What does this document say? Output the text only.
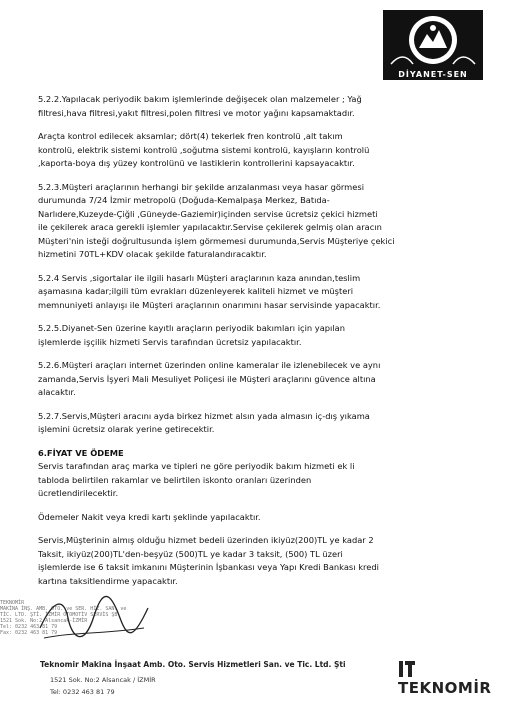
DİYANET-SEN
5.2.2.Yapılacak periyodik bakım işlemlerinde değişecek olan malzemeler ; Yağ
filtresi,hava filtresi,yakıt filtresi,polen filtresi ve motor yağını kapsamaktadır.
Araçta kontrol edilecek aksamlar; dört(4) tekerlek fren kontrolü ,alt takım
kontrolü, elektrik sistemi kontrolü ,soğutma sistemi kontrolü, kayışların kontrolü
,kaporta-boya dış yüzey kontrolünü ve lastiklerin kontrollerini kapsayacaktır.
5.2.3.Müşteri araçlarının herhangi bir şekilde arızalanması veya hasar görmesi
durumunda 7/24 İzmir metropolü (Doğuda-Kemalpaşa Merkez, Batıda-
Narlıdere,Kuzeyde-Çiğli ,Güneyde-Gaziemir)içinden servise ücretsiz çekici hizmeti
ile çekilerek araca gerekli işlemler yapılacaktır.Servise çekilerek gelmiş olan aracın
Müşteri'nin isteği doğrultusunda işlem görmemesi durumunda,Servis Müşteriye çekici
hizmetini 70TL+KDV olacak şekilde faturalandıracaktır.
5.2.4 Servis ,sigortalar ile ilgili hasarlı Müşteri araçlarının kaza anından,teslim
aşamasına kadar;ilgili tüm evrakları düzenleyerek kaliteli hizmet ve müşteri
memnuniyeti anlayışı ile Müşteri araçlarının onarımını hasar servisinde yapacaktır.
5.2.5.Diyanet-Sen üzerine kayıtlı araçların periyodik bakımları için yapılan
işlemlerde işçilik hizmeti Servis tarafından ücretsiz yapılacaktır.
5.2.6.Müşteri araçları internet üzerinden online kameralar ile izlenebilecek ve aynı
zamanda,Servis İşyeri Mali Mesuliyet Poliçesi ile Müşteri araçlarını güvence altına
alacaktır.
5.2.7.Servis,Müşteri aracını ayda birkez hizmet alsın yada almasın iç-dış yıkama
işlemini ücretsiz olarak yerine getirecektir.
6.FİYAT VE ÖDEME
Servis tarafından araç marka ve tipleri ne göre periyodik bakım hizmeti ek li
tabloda belirtilen rakamlar ve belirtilen iskonto oranları üzerinden
ücretlendirilecektir.
Ödemeler Nakit veya kredi kartı şeklinde yapılacaktır.
Servis,Müşterinin almış olduğu hizmet bedeli üzerinden ikiyüz(200)TL ye kadar 2
Taksit, ikiyüz(200)TL'den-beşyüz (500)TL ye kadar 3 taksit, (500) TL üzeri
işlemlerde ise 6 taksit imkanını Müşterinin İşbankası veya Yapı Kredi Bankası kredi
kartına taksitlendirme yapacaktır.
TEKNOMİR
MAKİNA İNŞ. AMB. OTO. ve SER. HİZ. SAN. ve
TİC. LTD. ŞTİ. İZMİR OTOMOTİV SERVİS ŞB.
1521 Sok. No:2 Alsancak-İZMİR
Tel: 0232 463 81 79
Fax: 0232 463 81 79
Teknomir Makina İnşaat Amb. Oto. Servis Hizmetleri San. ve Tic. Ltd. Şti
1521 Sok. No:2 Alsancak / İZMİR
Tel: 0232 463 81 79	TEKNOMİR
